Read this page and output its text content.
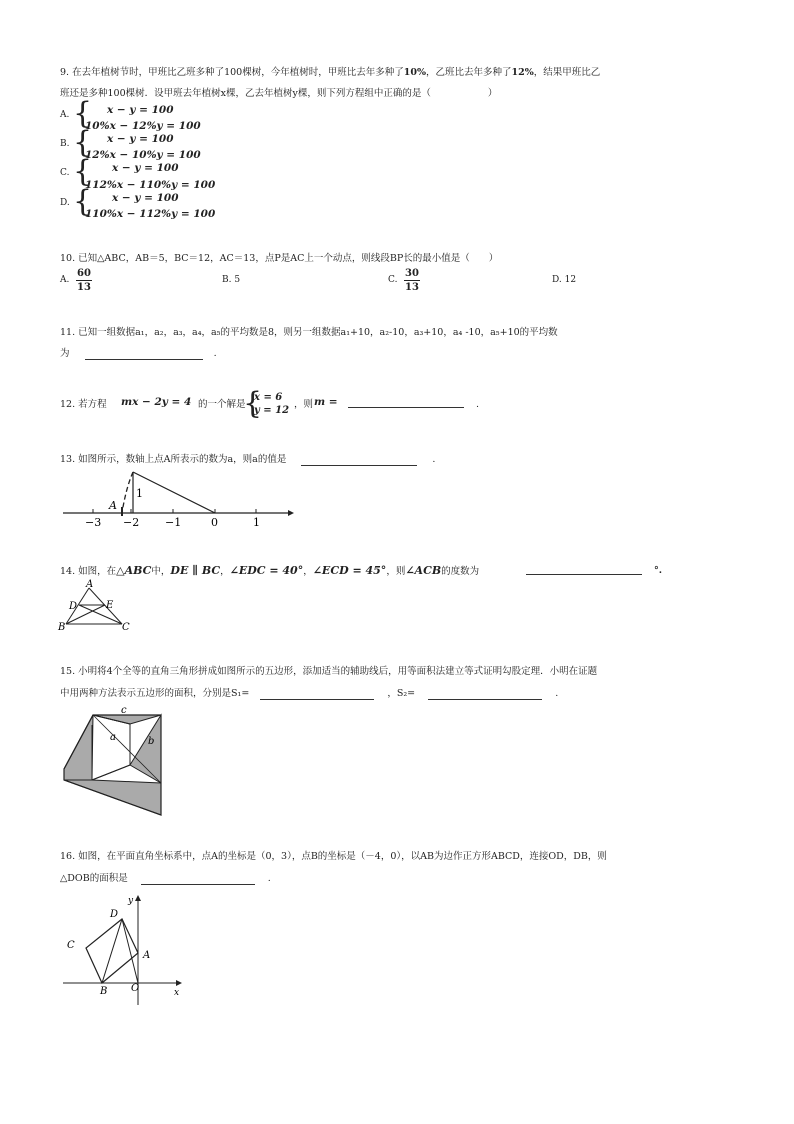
9. 在去年植树节时，甲班比乙班多种了100棵树，今年植树时，甲班比去年多种了10%，乙班比去年多种了12%，结果甲班比乙
班还是多种100棵树．设甲班去年植树x棵，乙去年植树y棵，则下列方程组中正确的是（　　　　　　）
A. { x − y = 100
10%x − 12%y = 100
B. { x − y = 100
12%x − 10%y = 100
C. { x − y = 100
112%x − 110%y = 100
D. { x − y = 100
110%x − 112%y = 100
10. 已知△ABC，AB＝5，BC＝12，AC＝13，点P是AC上一个动点，则线段BP长的最小值是（　　）
A.
60
13
B. 5	C.
30
13
D. 12
11. 已知一组数据a₁，a₂，a₃，a₄，a₅的平均数是8，则另一组数据a₁+10，a₂-10，a₃+10，a₄ -10，a₅+10的平均数
为	.
12. 若方程 mx − 2y = 4 的一个解是
{
x = 6
y = 12
，则 m =	.
13. 如图所示，数轴上点A所表示的数为a，则a的值是	.
A
1
−3 −2 −1	0	1
14. 如图，在△ABC中，DE ∥ BC，∠EDC = 40°，∠ECD = 45°，则∠ACB的度数为	°.
A
D	E
B	C
15. 小明将4个全等的直角三角形拼成如图所示的五边形，添加适当的辅助线后，用等面积法建立等式证明勾股定理．小明在证题
中用两种方法表示五边形的面积，分别是S₁=	，S₂=	.
c
a	b
16. 如图，在平面直角坐标系中，点A的坐标是（0，3），点B的坐标是（－4，0），以AB为边作正方形ABCD，连接OD，DB，则
△DOB的面积是	.
D
C
A
B O	x
y
